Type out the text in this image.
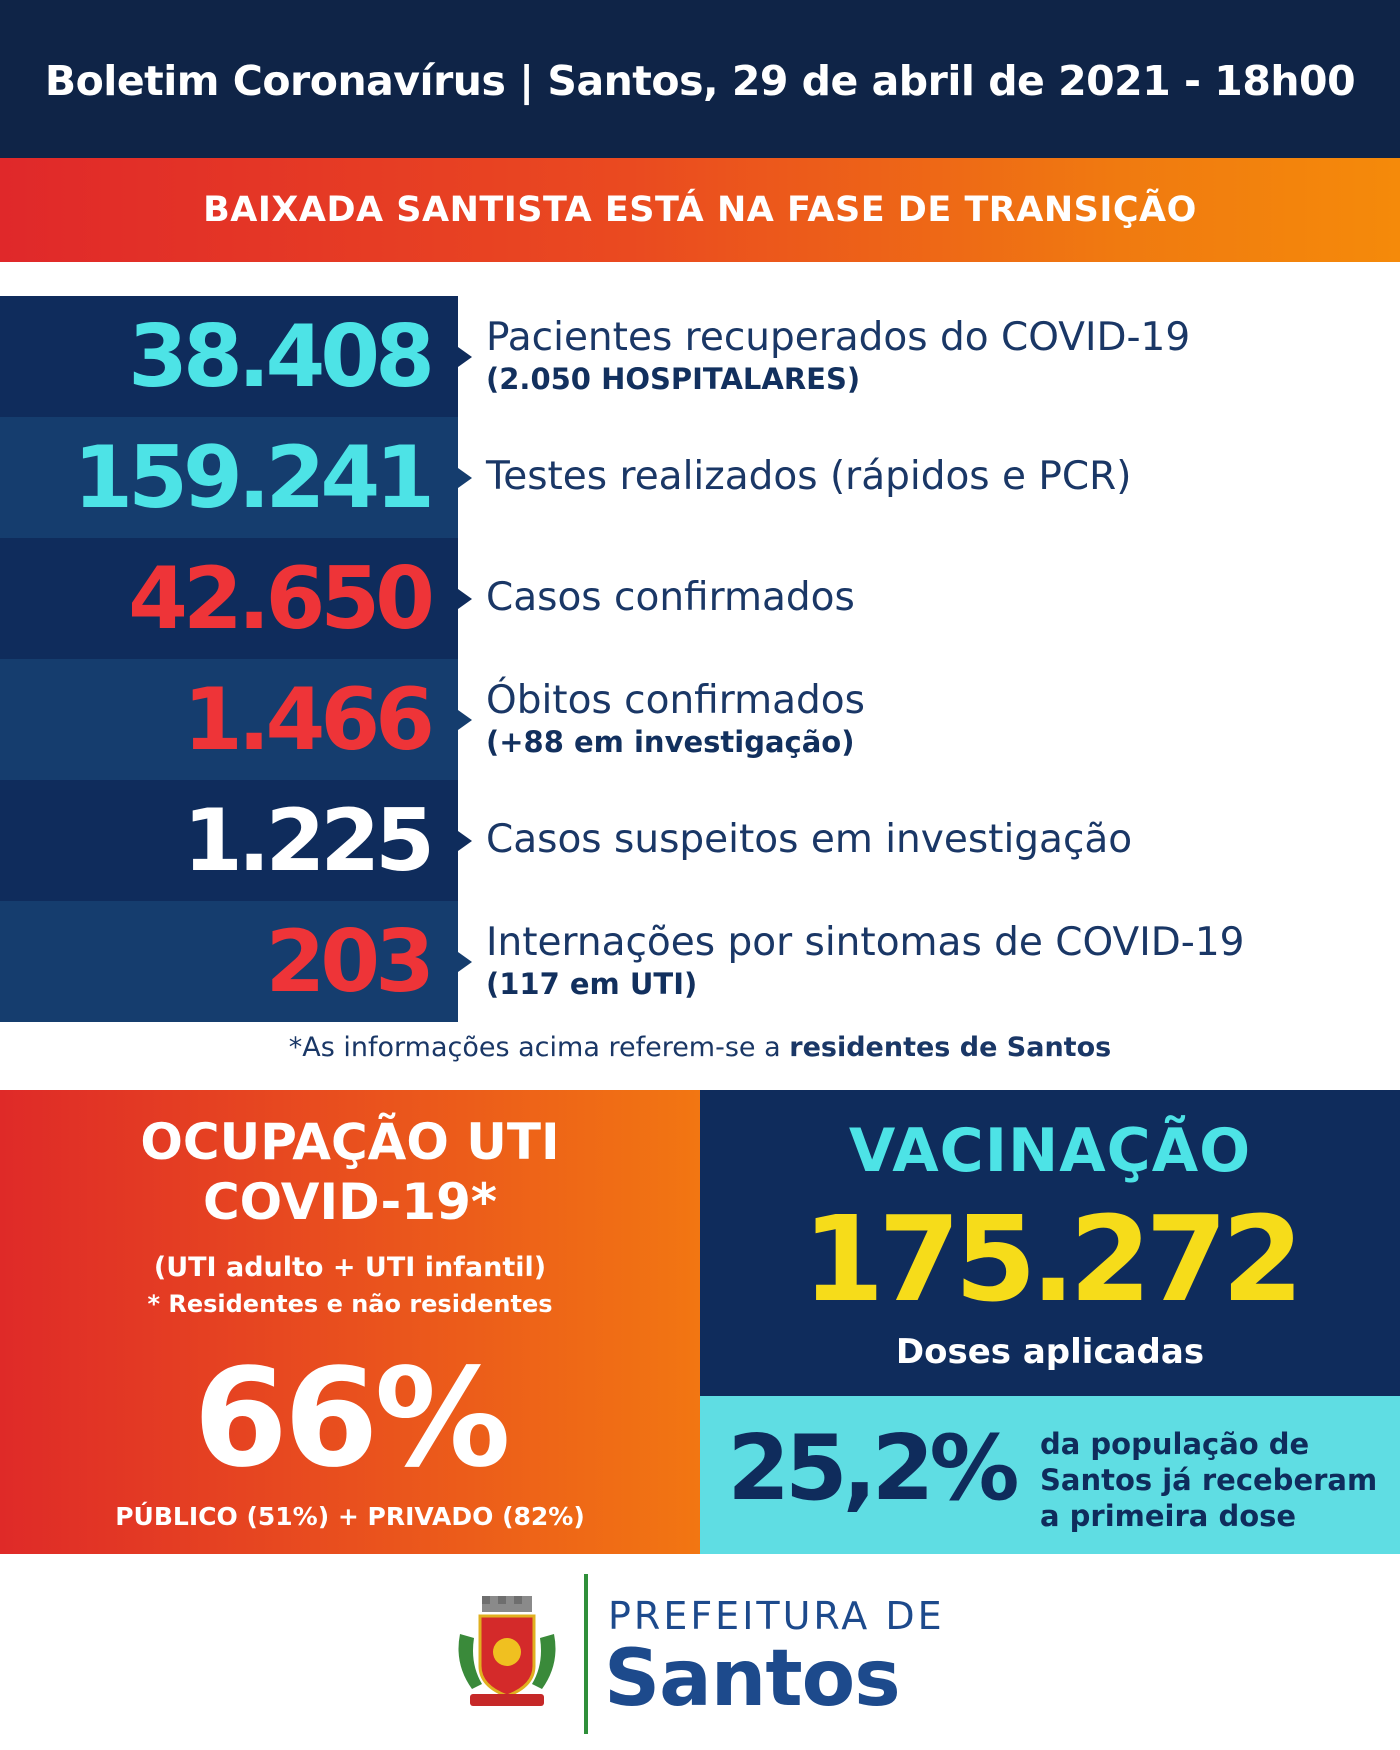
Boletim Coronavírus | Santos, 29 de abril de 2021 - 18h00
BAIXADA SANTISTA ESTÁ NA FASE DE TRANSIÇÃO
38.408	Pacientes recuperados do COVID-19
(2.050 HOSPITALARES)
159.241	Testes realizados (rápidos e PCR)
42.650	Casos confirmados
1.466	Óbitos confirmados
(+88 em investigação)
1.225	Casos suspeitos em investigação
203	Internações por sintomas de COVID-19
(117 em UTI)
*As informações acima referem-se a residentes de Santos
OCUPAÇÃO UTI
COVID-19*
(UTI adulto + UTI infantil)
* Residentes e não residentes
66%
PÚBLICO (51%) + PRIVADO (82%)
VACINAÇÃO
175.272
Doses aplicadas
25,2% da população de
Santos já receberam
a primeira dose
PREFEITURA DE
Santos
